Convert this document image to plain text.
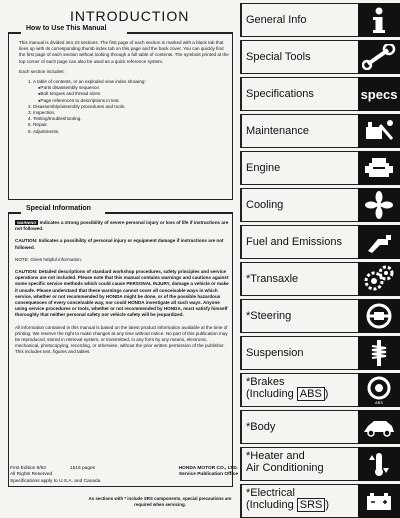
INTRODUCTION
How to Use This Manual

This manual is divided into 23 sections. The first page of each section is marked with a black tab that lines up with its corresponding thumb index tab on this page and the back cover. You can quickly find the first page of each section without looking through a full table of contents. The symbols printed at the top corner of each page can also be used as a quick reference system.

Each section includes:

1. A table of contents, or an exploded view index showing:
● Parts disassembly sequence.
● Bolt torques and thread sizes.
● Page references to descriptions in text.
2. Disassembly/assembly procedures and tools.
3. Inspection.
4. Testing/troubleshooting.
5. Repair.
6. Adjustments.
Special Information

WARNING Indicates a strong possibility of severe personal injury or loss of life if instructions are not followed.

CAUTION: Indicates a possibility of personal injury or equipment damage if instructions are not followed.

NOTE: Gives helpful information.

CAUTION: Detailed descriptions of standard workshop procedures, safety principles and service operations are not included. Please note that this manual contains warnings and cautions against some specific service methods which could cause PERSONAL INJURY, damage a vehicle or make it unsafe. Please understand that these warnings cannot cover all conceivable ways in which service, whether or not recommended by HONDA might be done, or of the possible hazardous consequences of every conceivable way, nor could HONDA investigate all such ways. Anyone using service procedures or tools, whether or not recommended by HONDA, must satisfy himself thoroughly that neither personal safety nor vehicle safety will be jeopardized.

All information contained in this manual is based on the latest product information available at the time of printing. We reserve the right to make changes at any time without notice. No part of this publication may be reproduced, stored in retrieval system, or transmitted, in any form by any means, electronic, mechanical, photocopying, recording, or otherwise, without the prior written permission of the publisher. This includes text, figures and tables.

First Edition 9/92
All Rights Reserved
Specifications apply to U.S.A. and Canada
1516 pages	HONDA MOTOR CO., LTD.
Service Publication Office
As sections with * include SRS components, special precautions are required when servicing.
General Info
Special Tools
Specifications	specs
Maintenance
Engine
Cooling
Fuel and Emissions
*Transaxle
*Steering
Suspension
*Brakes
(Including ABS )
ABS
*Body
*Heater and
Air Conditioning
*Electrical
(Including SRS )
